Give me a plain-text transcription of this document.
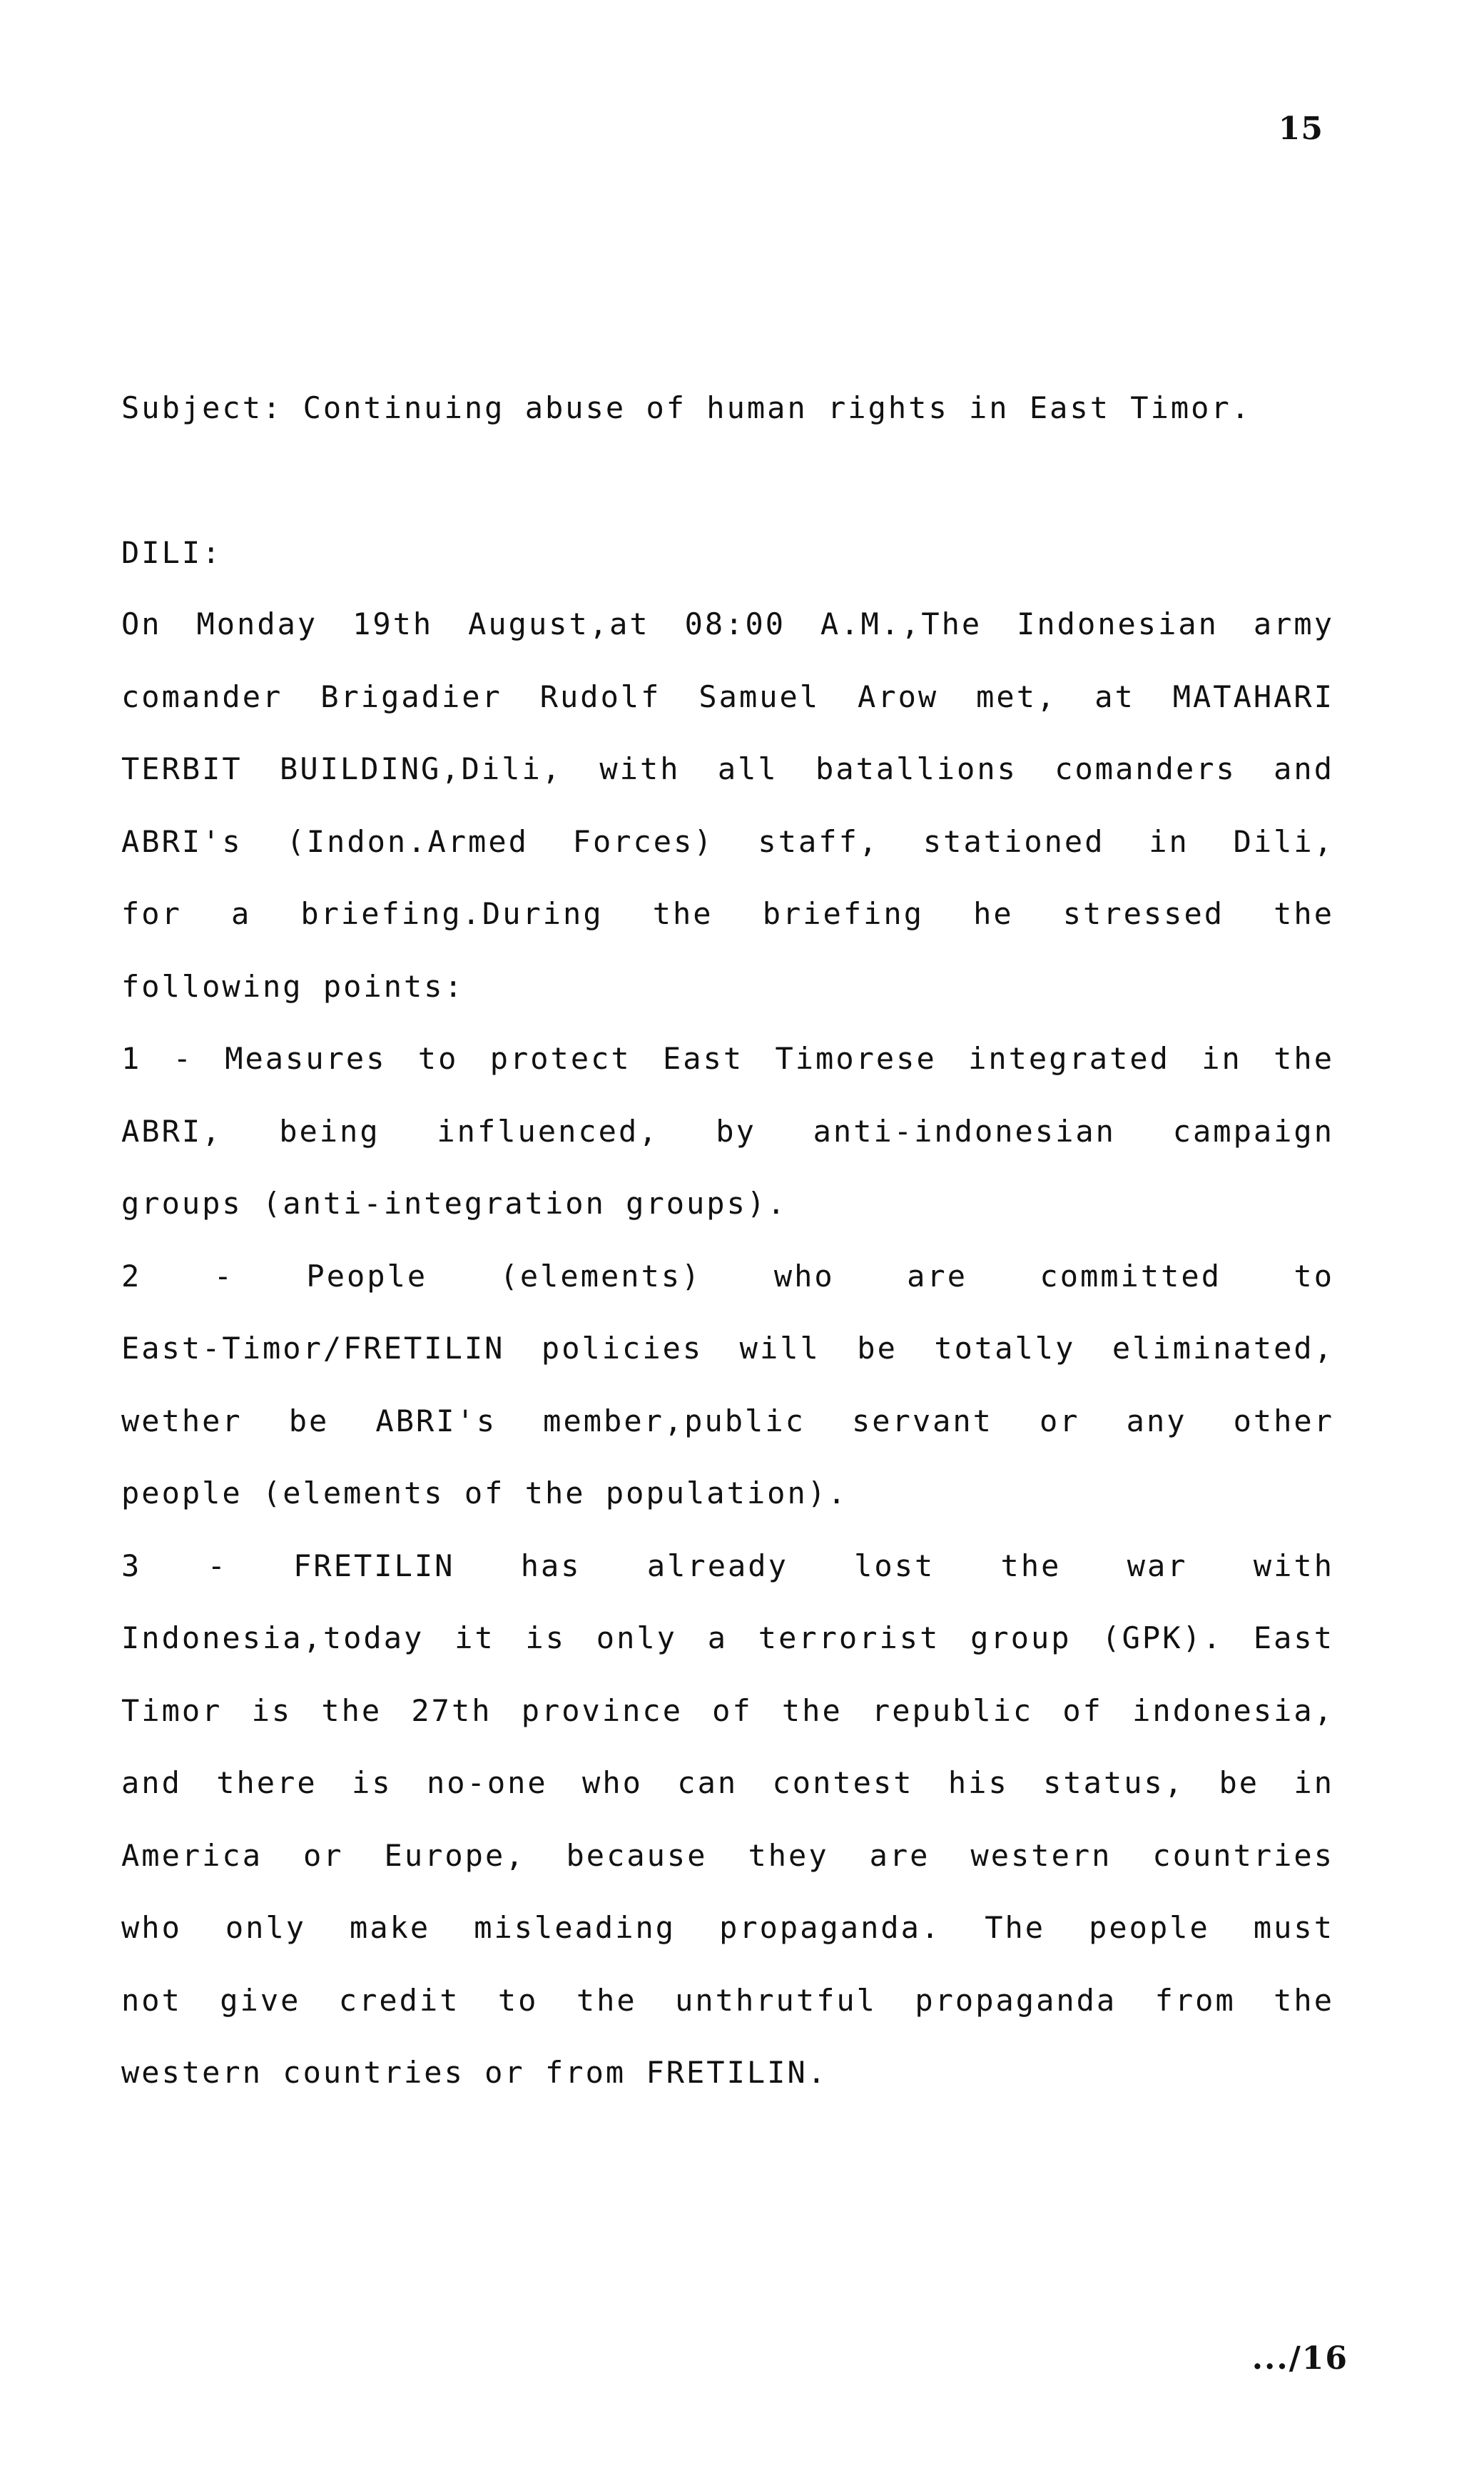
15
Subject: Continuing abuse of human rights in East Timor.
DILI:
On Monday 19th August,at 08:00 A.M.,The Indonesian army
comander Brigadier Rudolf Samuel Arow met, at MATAHARI
TERBIT BUILDING,Dili, with all batallions comanders and
ABRI's (Indon.Armed Forces) staff, stationed in Dili,
for a briefing.During the briefing he stressed the
following points:
1 - Measures to protect East Timorese integrated in the
ABRI, being influenced, by anti-indonesian campaign
groups (anti-integration groups).
2 - People (elements) who are committed to
East-Timor/FRETILIN policies will be totally eliminated,
wether be ABRI's member,public servant or any other
people (elements of the population).
3 - FRETILIN has already lost the war with
Indonesia,today it is only a terrorist group (GPK). East
Timor is the 27th province of the republic of indonesia,
and there is no-one who can contest his status, be in
America or Europe, because they are western countries
who only make misleading propaganda. The people must
not give credit to the unthrutful propaganda from the
western countries or from FRETILIN.
.../16
